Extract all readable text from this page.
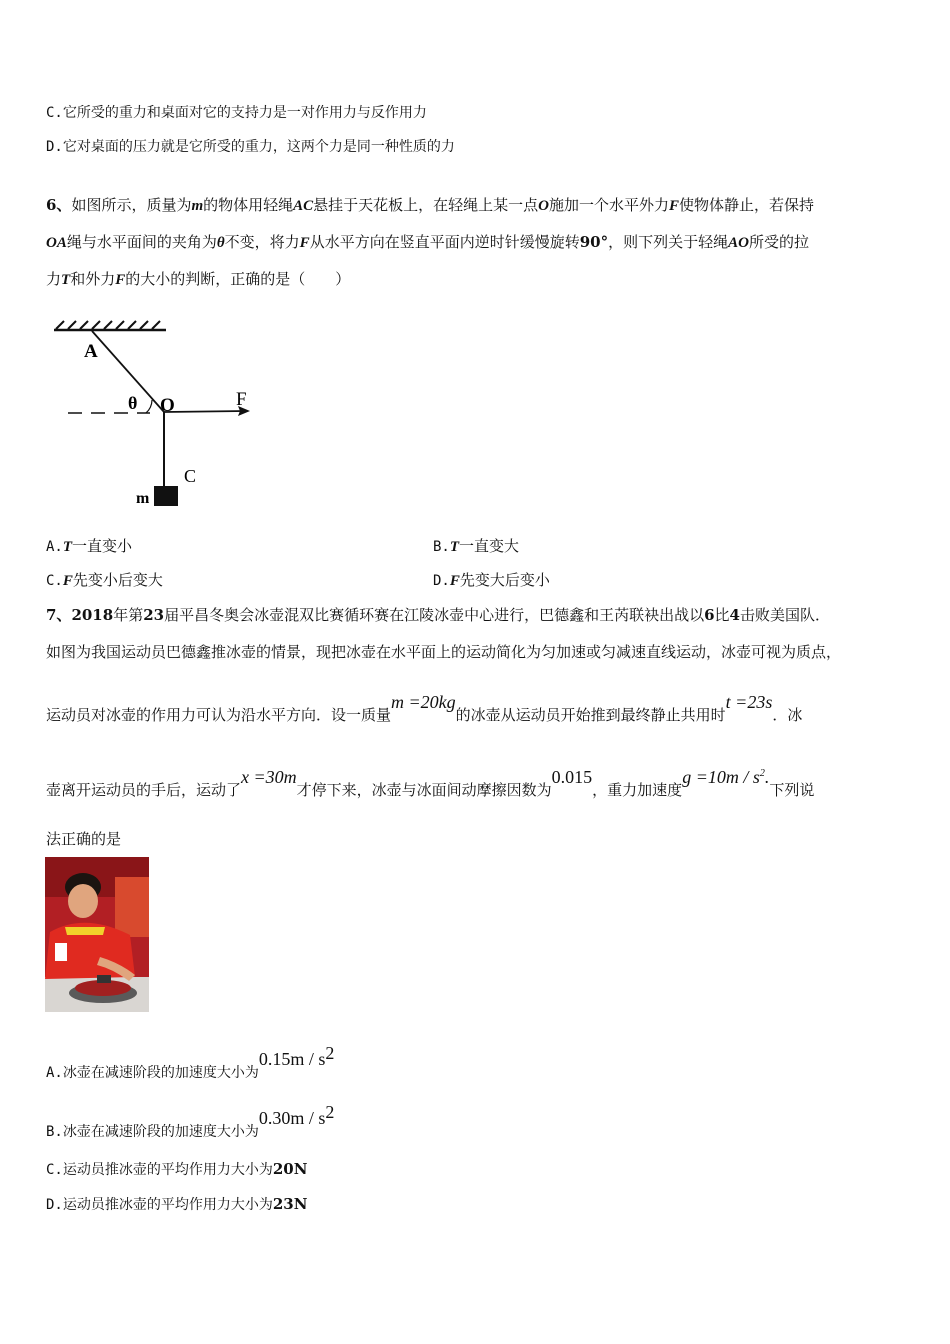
C.它所受的重力和桌面对它的支持力是一对作用力与反作用力
D.它对桌面的压力就是它所受的重力，这两个力是同一种性质的力
6、如图所示，质量为m的物体用轻绳AC悬挂于天花板上，在轻绳上某一点O施加一个水平外力F使物体静止，若保持
OA绳与水平面间的夹角为θ不变，将力F从水平方向在竖直平面内逆时针缓慢旋转90°，则下列关于轻绳AO所受的拉
力T和外力F的大小的判断，正确的是（　　）
A
θ O	F
C
m
A.T一直变小	B.T一直变大
C.F先变小后变大	D.F先变大后变小
7、2018年第23届平昌冬奥会冰壶混双比赛循环赛在江陵冰壶中心进行，巴德鑫和王芮联袂出战以6比4击败美国队．
如图为我国运动员巴德鑫推冰壶的情景，现把冰壶在水平面上的运动简化为匀加速或匀减速直线运动，冰壶可视为质点，
运动员对冰壶的作用力可认为沿水平方向．设一质量m =20kg的冰壶从运动员开始推到最终静止共用时t =23s．冰
壶离开运动员的手后，运动了x =30m才停下来，冰壶与冰面间动摩擦因数为0.015，重力加速度$g =10m / s^2$.下列说
法正确的是
A.冰壶在减速阶段的加速度大小为$0.15m / s^2$
B.冰壶在减速阶段的加速度大小为$0.30m / s^2$
C.运动员推冰壶的平均作用力大小为20N
D.运动员推冰壶的平均作用力大小为23N
